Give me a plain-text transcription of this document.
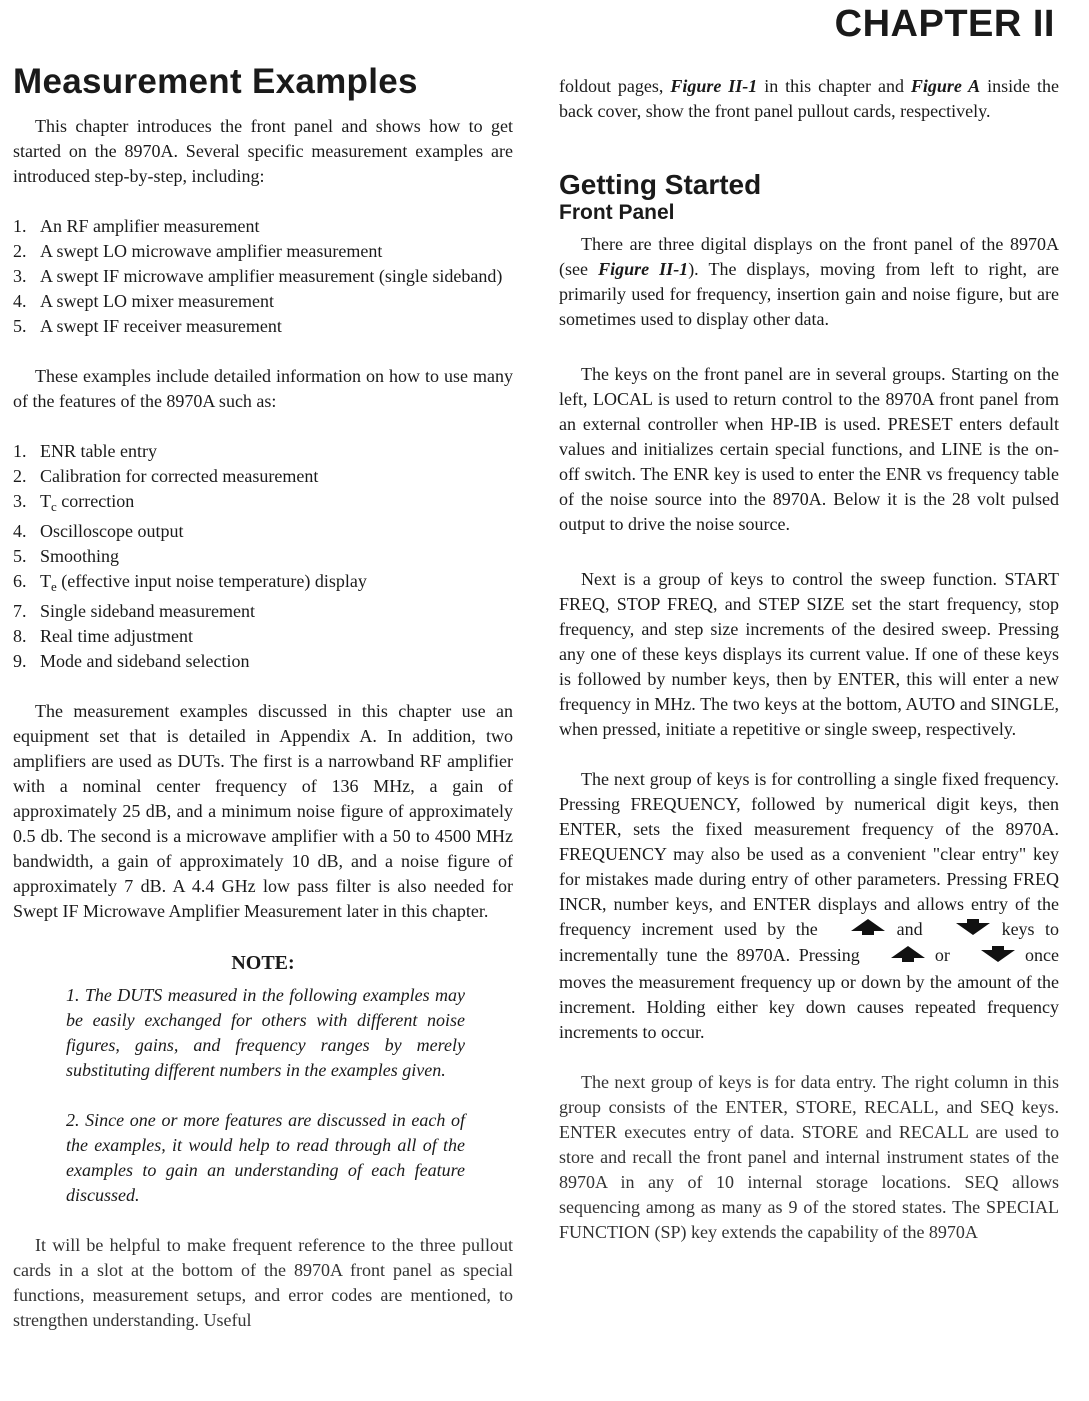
CHAPTER II
Measurement Examples

This chapter introduces the front panel and shows how to get started on the 8970A. Several specific measurement examples are introduced step-by-step, including:

1. An RF amplifier measurement
2. A swept LO microwave amplifier measurement
3. A swept IF microwave amplifier measurement (single sideband)
4. A swept LO mixer measurement
5. A swept IF receiver measurement

These examples include detailed information on how to use many of the features of the 8970A such as:

1. ENR table entry
2. Calibration for corrected measurement
3. $T_c$ correction
4. Oscilloscope output
5. Smoothing
6. $T_e$ (effective input noise temperature) display
7. Single sideband measurement
8. Real time adjustment
9. Mode and sideband selection

The measurement examples discussed in this chapter use an equipment set that is detailed in Appendix A. In addition, two amplifiers are used as DUTs. The first is a narrowband RF amplifier with a nominal center frequency of 136 MHz, a gain of approximately 25 dB, and a minimum noise figure of approximately 0.5 db. The second is a microwave amplifier with a 50 to 4500 MHz bandwidth, a gain of approximately 10 dB, and a noise figure of approximately 7 dB. A 4.4 GHz low pass filter is also needed for Swept IF Microwave Amplifier Measurement later in this chapter.

NOTE:

1. The DUTS measured in the following examples may be easily exchanged for others with different noise figures, gains, and frequency ranges by merely substituting different numbers in the examples given.

2. Since one or more features are discussed in each of the examples, it would help to read through all of the examples to gain an understanding of each feature discussed.

It will be helpful to make frequent reference to the three pullout cards in a slot at the bottom of the 8970A front panel as special functions, measurement setups, and error codes are mentioned, to strengthen understanding. Useful

foldout pages, Figure II-1 in this chapter and Figure A inside the back cover, show the front panel pullout cards, respectively.

Getting Started
Front Panel

There are three digital displays on the front panel of the 8970A (see Figure II-1). The displays, moving from left to right, are primarily used for frequency, insertion gain and noise figure, but are sometimes used to display other data.

The keys on the front panel are in several groups. Starting on the left, LOCAL is used to return control to the 8970A front panel from an external controller when HP-IB is used. PRESET enters default values and initializes certain special functions, and LINE is the on-off switch. The ENR key is used to enter the ENR vs frequency table of the noise source into the 8970A. Below it is the 28 volt pulsed output to drive the noise source.

Next is a group of keys to control the sweep function. START FREQ, STOP FREQ, and STEP SIZE set the start frequency, stop frequency, and step size increments of the desired sweep. Pressing any one of these keys displays its current value. If one of these keys is followed by number keys, then by ENTER, this will enter a new frequency in MHz. The two keys at the bottom, AUTO and SINGLE, when pressed, initiate a repetitive or single sweep, respectively.

The next group of keys is for controlling a single fixed frequency. Pressing FREQUENCY, followed by numerical digit keys, then ENTER, sets the fixed measurement frequency of the 8970A. FREQUENCY may also be used as a convenient "clear entry" key for mistakes made during entry of other parameters. Pressing FREQ INCR, number keys, and ENTER displays and allows entry of the frequency increment used by the	and	keys to incrementally tune the 8970A. Pressing	or	once moves the measurement frequency up or down by the amount of the increment. Holding either key down causes repeated frequency increments to occur.

The next group of keys is for data entry. The right column in this group consists of the ENTER, STORE, RECALL, and SEQ keys. ENTER executes entry of data. STORE and RECALL are used to store and recall the front panel and internal instrument states of the 8970A in any of 10 internal storage locations. SEQ allows sequencing among as many as 9 of the stored states. The SPECIAL FUNCTION (SP) key extends the capability of the 8970A
